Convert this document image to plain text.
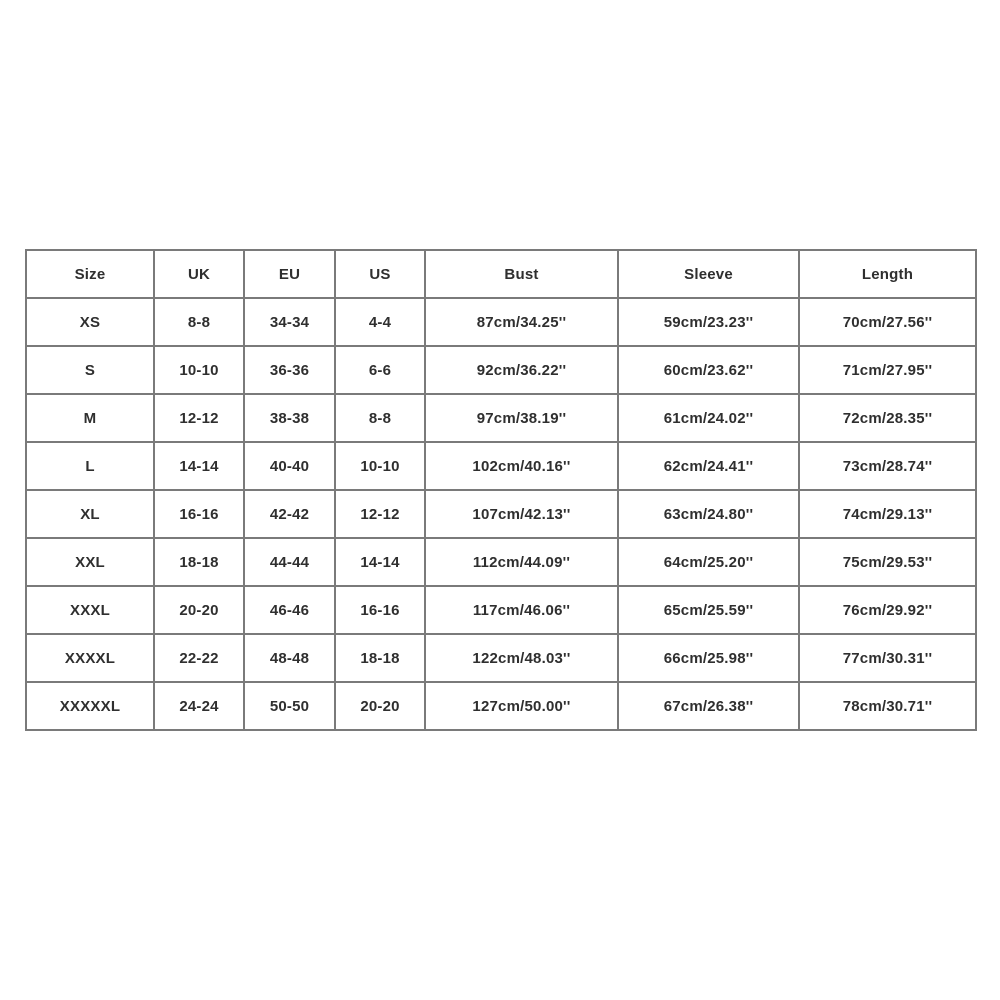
Size	UK	EU	US	Bust	Sleeve	Length
XS	8-8	34-34	4-4	87cm/34.25''	59cm/23.23''	70cm/27.56''
S	10-10	36-36	6-6	92cm/36.22''	60cm/23.62''	71cm/27.95''
M	12-12	38-38	8-8	97cm/38.19''	61cm/24.02''	72cm/28.35''
L	14-14	40-40	10-10	102cm/40.16''	62cm/24.41''	73cm/28.74''
XL	16-16	42-42	12-12	107cm/42.13''	63cm/24.80''	74cm/29.13''
XXL	18-18	44-44	14-14	112cm/44.09''	64cm/25.20''	75cm/29.53''
XXXL	20-20	46-46	16-16	117cm/46.06''	65cm/25.59''	76cm/29.92''
XXXXL	22-22	48-48	18-18	122cm/48.03''	66cm/25.98''	77cm/30.31''
XXXXXL	24-24	50-50	20-20	127cm/50.00''	67cm/26.38''	78cm/30.71''
